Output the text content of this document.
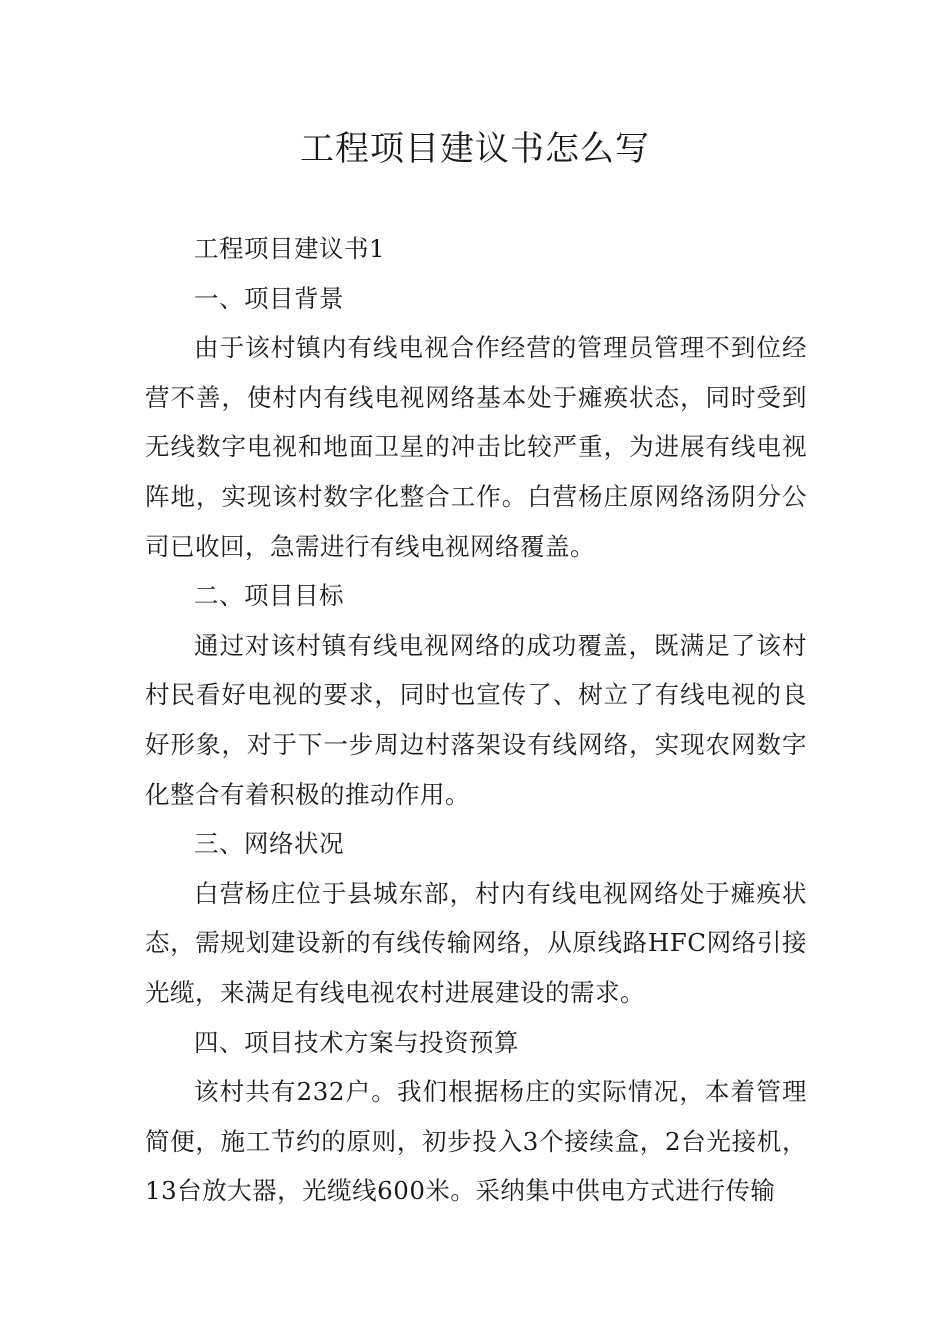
工程项目建议书怎么写

工程项目建议书1

一、项目背景

由于该村镇内有线电视合作经营的管理员管理不到位经营不善，使村内有线电视网络基本处于瘫痪状态，同时受到无线数字电视和地面卫星的冲击比较严重，为进展有线电视阵地，实现该村数字化整合工作。白营杨庄原网络汤阴分公司已收回，急需进行有线电视网络覆盖。

二、项目目标

通过对该村镇有线电视网络的成功覆盖，既满足了该村村民看好电视的要求，同时也宣传了、树立了有线电视的良好形象，对于下一步周边村落架设有线网络，实现农网数字化整合有着积极的推动作用。

三、网络状况

白营杨庄位于县城东部，村内有线电视网络处于瘫痪状态，需规划建设新的有线传输网络，从原线路HFC网络引接光缆，来满足有线电视农村进展建设的需求。

四、项目技术方案与投资预算

该村共有232户。我们根据杨庄的实际情况，本着管理简便，施工节约的原则，初步投入3个接续盒，2台光接机，13台放大器，光缆线600米。采纳集中供电方式进行传输
